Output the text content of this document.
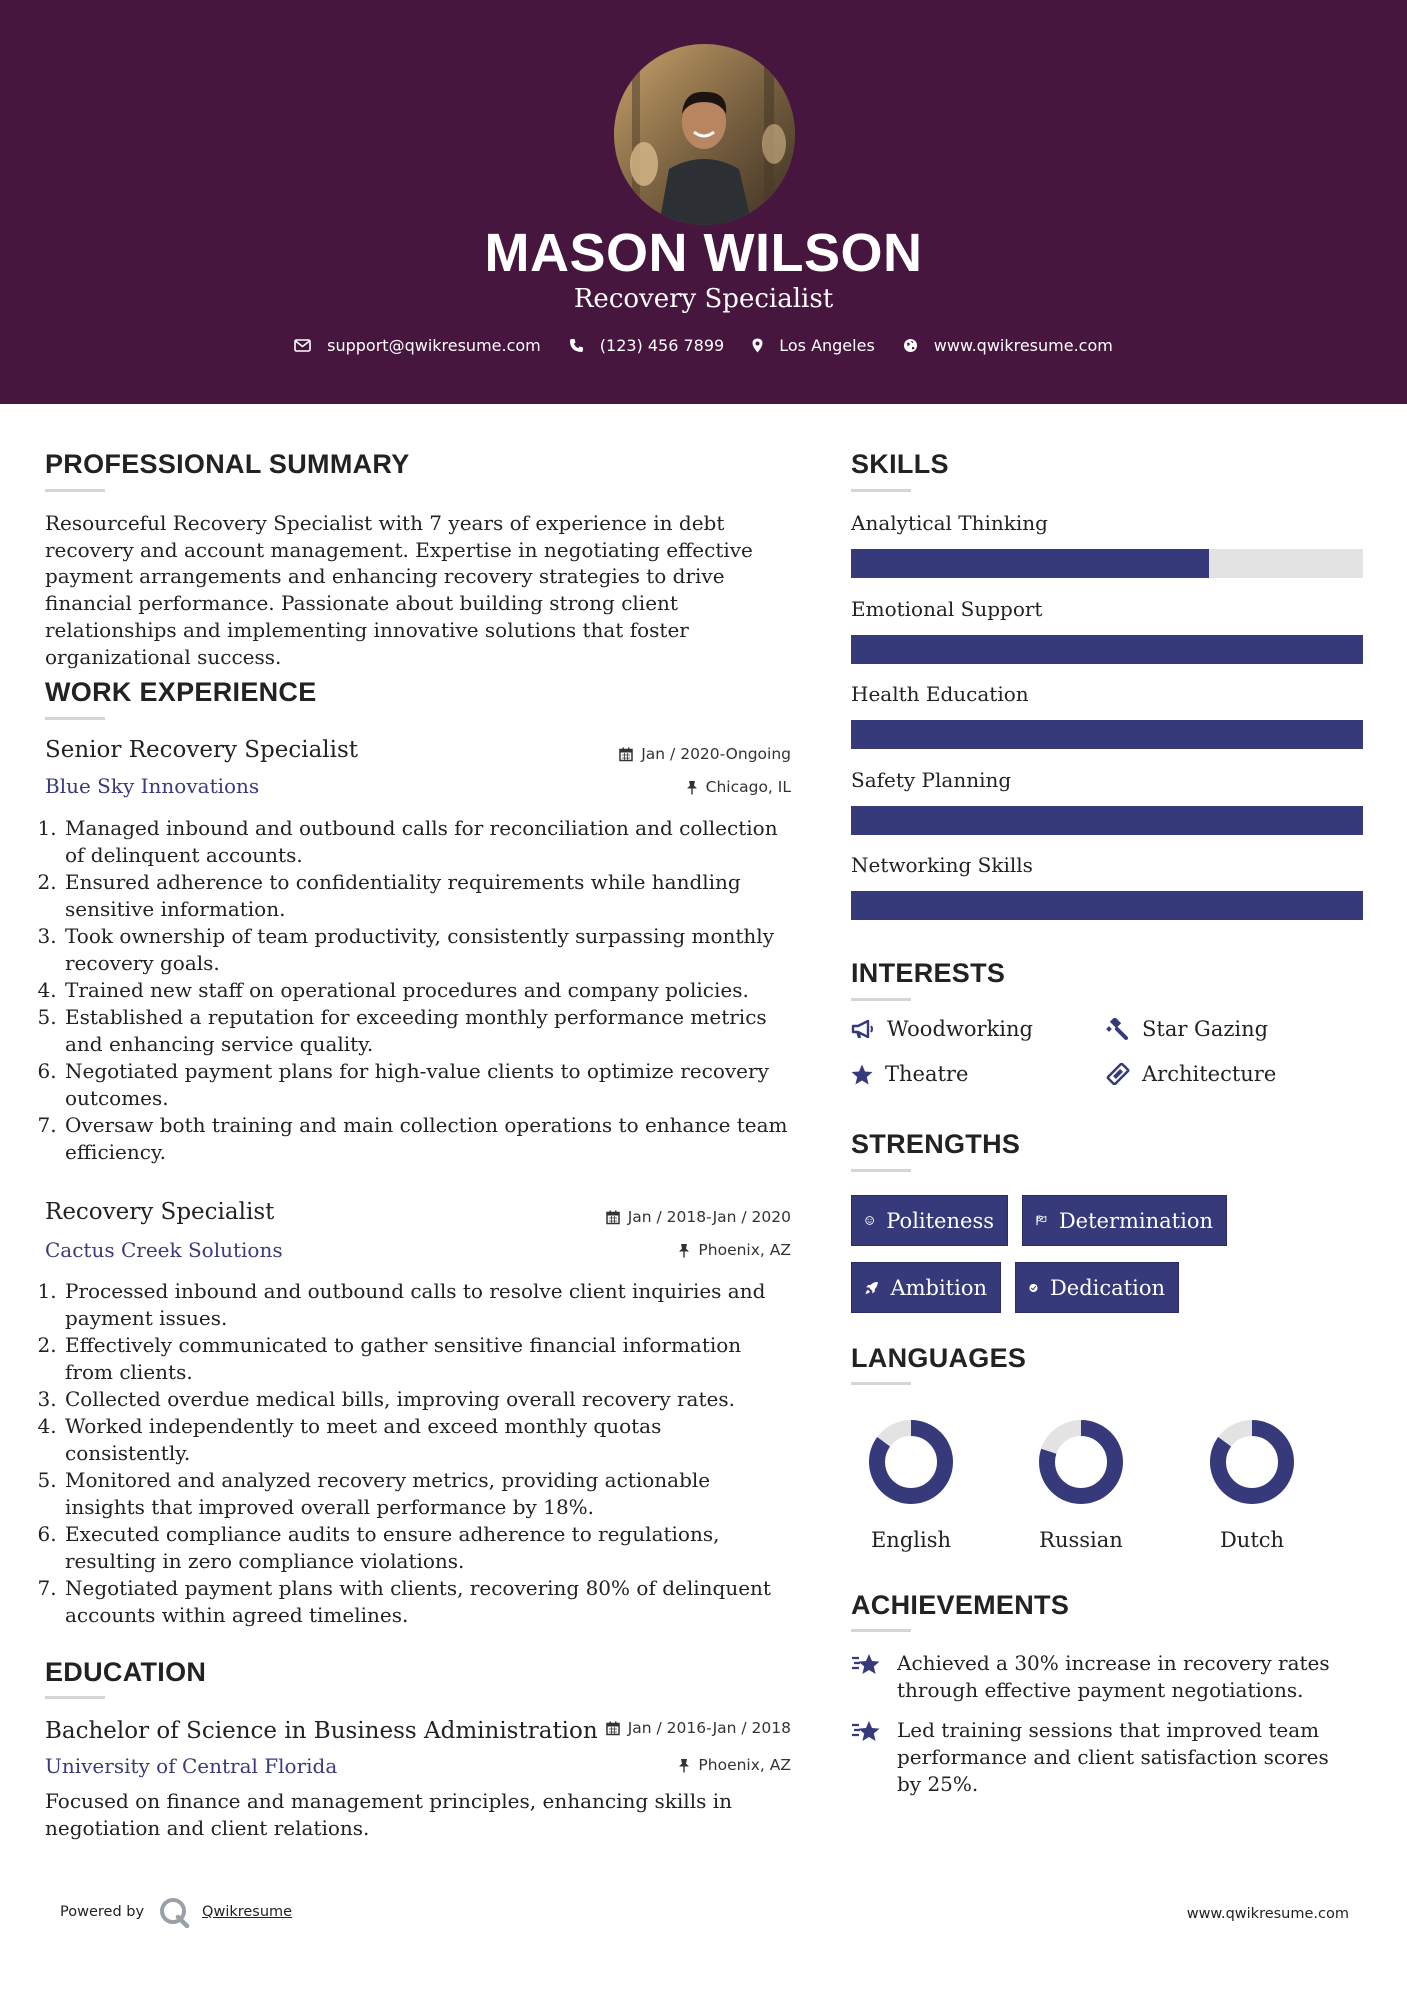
MASON WILSON
Recovery Specialist
support@qwikresume.com	(123) 456 7899	Los Angeles	www.qwikresume.com
PROFESSIONAL SUMMARY
Resourceful Recovery Specialist with 7 years of experience in debt recovery and account management. Expertise in negotiating effective payment arrangements and enhancing recovery strategies to drive financial performance. Passionate about building strong client relationships and implementing innovative solutions that foster organizational success.
WORK EXPERIENCE
Senior Recovery Specialist	Jan / 2020-Ongoing
Blue Sky Innovations	Chicago, IL
1. Managed inbound and outbound calls for reconciliation and collection of delinquent accounts.
2. Ensured adherence to confidentiality requirements while handling sensitive information.
3. Took ownership of team productivity, consistently surpassing monthly recovery goals.
4. Trained new staff on operational procedures and company policies.
5. Established a reputation for exceeding monthly performance metrics and enhancing service quality.
6. Negotiated payment plans for high-value clients to optimize recovery outcomes.
7. Oversaw both training and main collection operations to enhance team efficiency.
Recovery Specialist	Jan / 2018-Jan / 2020
Cactus Creek Solutions	Phoenix, AZ
1. Processed inbound and outbound calls to resolve client inquiries and payment issues.
2. Effectively communicated to gather sensitive financial information from clients.
3. Collected overdue medical bills, improving overall recovery rates.
4. Worked independently to meet and exceed monthly quotas consistently.
5. Monitored and analyzed recovery metrics, providing actionable insights that improved overall performance by 18%.
6. Executed compliance audits to ensure adherence to regulations, resulting in zero compliance violations.
7. Negotiated payment plans with clients, recovering 80% of delinquent accounts within agreed timelines.
EDUCATION
Bachelor of Science in Business Administration Jan / 2016-Jan / 2018
University of Central Florida	Phoenix, AZ
Focused on finance and management principles, enhancing skills in negotiation and client relations.
SKILLS
Analytical Thinking
Emotional Support
Health Education
Safety Planning
Networking Skills
INTERESTS
Woodworking	Star Gazing
Theatre	Architecture
STRENGTHS
Politeness	Determination
Ambition	Dedication
LANGUAGES
English	Russian	Dutch
ACHIEVEMENTS
Achieved a 30% increase in recovery rates through effective payment negotiations.
Led training sessions that improved team performance and client satisfaction scores by 25%.
Powered by	Qwikresume	www.qwikresume.com
